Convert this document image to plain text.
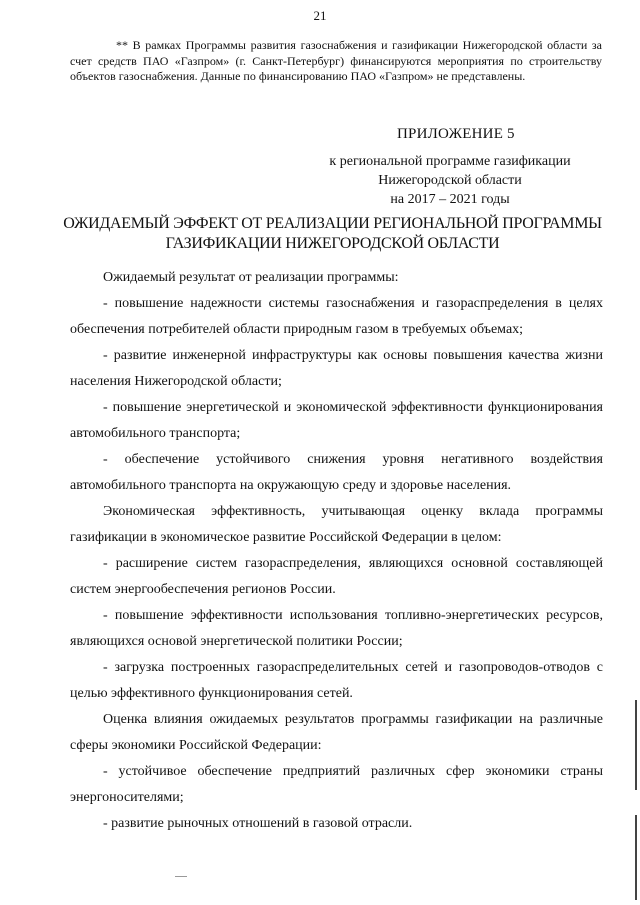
21

** В рамках Программы развития газоснабжения и газификации Нижегородской области за счет средств ПАО «Газпром» (г. Санкт-Петербург) финансируются мероприятия по строительству объектов газоснабжения. Данные по финансированию ПАО «Газпром» не представлены.

ПРИЛОЖЕНИЕ 5
к региональной программе газификации
Нижегородской области
на 2017 – 2021 годы
ОЖИДАЕМЫЙ ЭФФЕКТ ОТ РЕАЛИЗАЦИИ РЕГИОНАЛЬНОЙ ПРОГРАММЫ
ГАЗИФИКАЦИИ НИЖЕГОРОДСКОЙ ОБЛАСТИ

Ожидаемый результат от реализации программы:

- повышение надежности системы газоснабжения и газораспределения в целях обеспечения потребителей области природным газом в требуемых объемах;

- развитие инженерной инфраструктуры как основы повышения качества жизни населения Нижегородской области;

- повышение энергетической и экономической эффективности функционирования автомобильного транспорта;

- обеспечение устойчивого снижения уровня негативного воздействия автомобильного транспорта на окружающую среду и здоровье населения.

Экономическая эффективность, учитывающая оценку вклада программы газификации в экономическое развитие Российской Федерации в целом:

- расширение систем газораспределения, являющихся основной составляющей систем энергообеспечения регионов России.

- повышение эффективности использования топливно-энергетических ресурсов, являющихся основой энергетической политики России;

- загрузка построенных газораспределительных сетей и газопроводов-отводов с целью эффективного функционирования сетей.

Оценка влияния ожидаемых результатов программы газификации на различные сферы экономики Российской Федерации:

- устойчивое обеспечение предприятий различных сфер экономики страны энергоносителями;

- развитие рыночных отношений в газовой отрасли.
